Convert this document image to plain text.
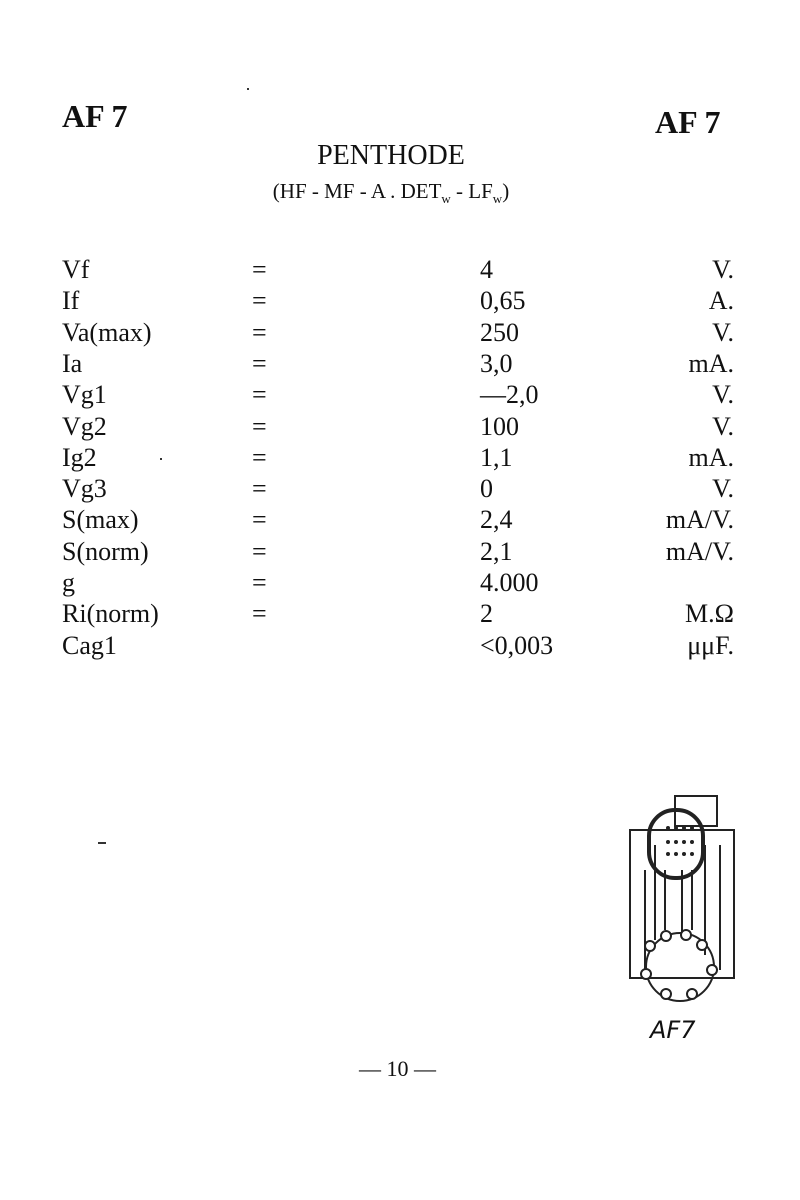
AF 7	AF 7
PENTHODE
(HF - MF - A . $DET_w - LF_w$)
Vf	=	4	V.
If	=	0,65	A.
Va(max)	=	250	V.
Ia	=	3,0	mA.
Vg1	=	—2,0	V.
Vg2	=	100	V.
Ig2	=	1,1	mA.
Vg3	=	0	V.
S(max)	=	2,4	mA/V.
S(norm)	=	2,1	mA/V.
g	=	4.000
Ri(norm)	=	2	M.Ω
Cag1	<0,003	μμF.
AF7
— 10 —
